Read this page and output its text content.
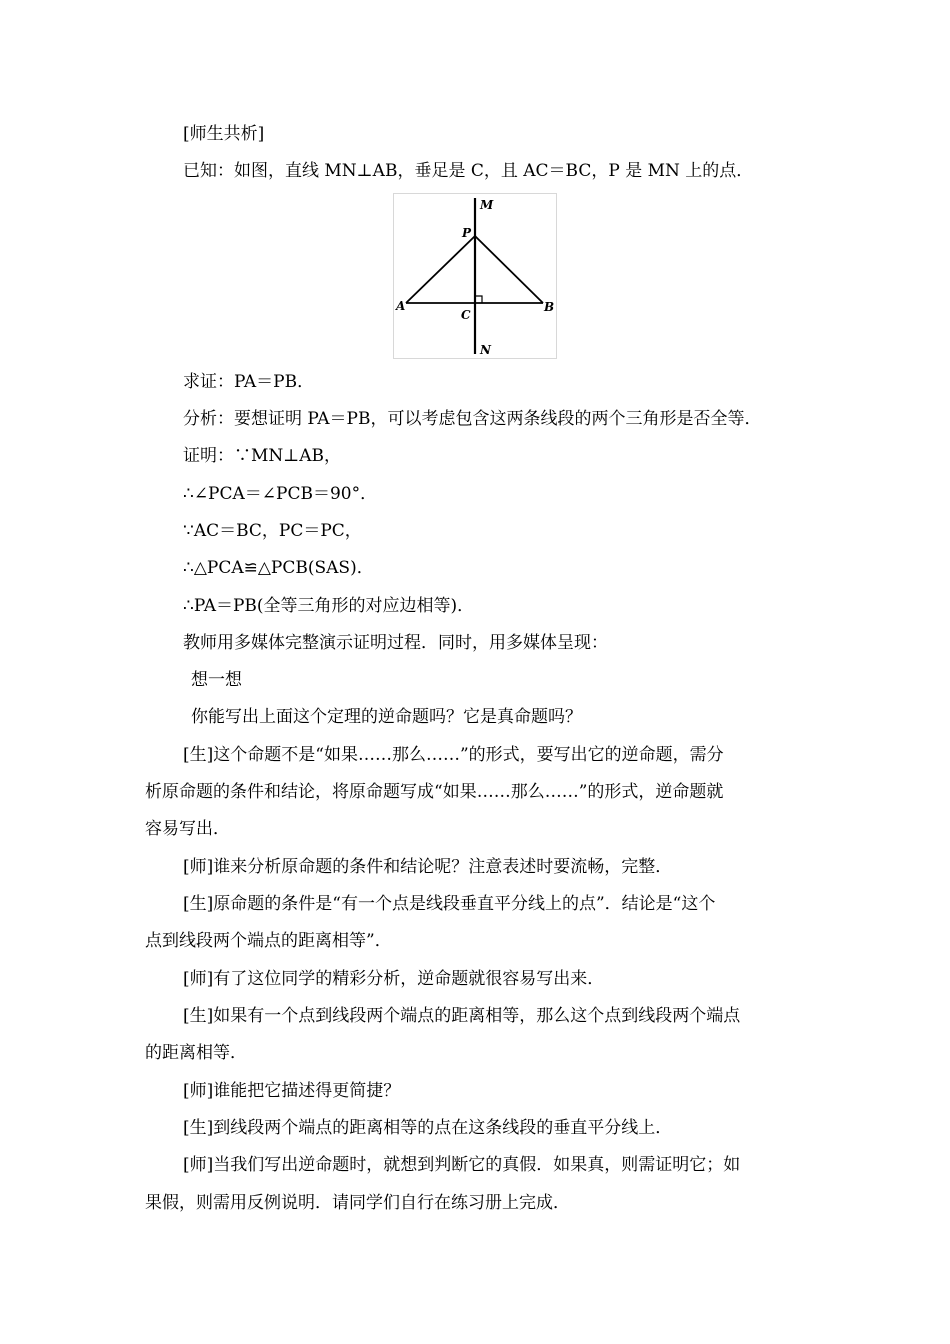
[师生共析]
已知：如图，直线 MN⊥AB，垂足是 C，且 AC＝BC，P 是 MN 上的点．
M
P
A
C
B
N
求证：PA＝PB．
分析：要想证明 PA＝PB，可以考虑包含这两条线段的两个三角形是否全等．
证明：∵MN⊥AB，
∴∠PCA＝∠PCB＝90°．
∵AC＝BC，PC＝PC，
∴△PCA≌△PCB(SAS)．
∴PA＝PB(全等三角形的对应边相等)．
教师用多媒体完整演示证明过程．同时，用多媒体呈现：
想一想
你能写出上面这个定理的逆命题吗？它是真命题吗？
[生]这个命题不是“如果……那么……”的形式，要写出它的逆命题，需分
析原命题的条件和结论，将原命题写成“如果……那么……”的形式，逆命题就
容易写出．
[师]谁来分析原命题的条件和结论呢？注意表述时要流畅，完整．
[生]原命题的条件是“有一个点是线段垂直平分线上的点”．结论是“这个
点到线段两个端点的距离相等”．
[师]有了这位同学的精彩分析，逆命题就很容易写出来．
[生]如果有一个点到线段两个端点的距离相等，那么这个点到线段两个端点
的距离相等．
[师]谁能把它描述得更简捷？
[生]到线段两个端点的距离相等的点在这条线段的垂直平分线上．
[师]当我们写出逆命题时，就想到判断它的真假．如果真，则需证明它；如
果假，则需用反例说明．请同学们自行在练习册上完成．
